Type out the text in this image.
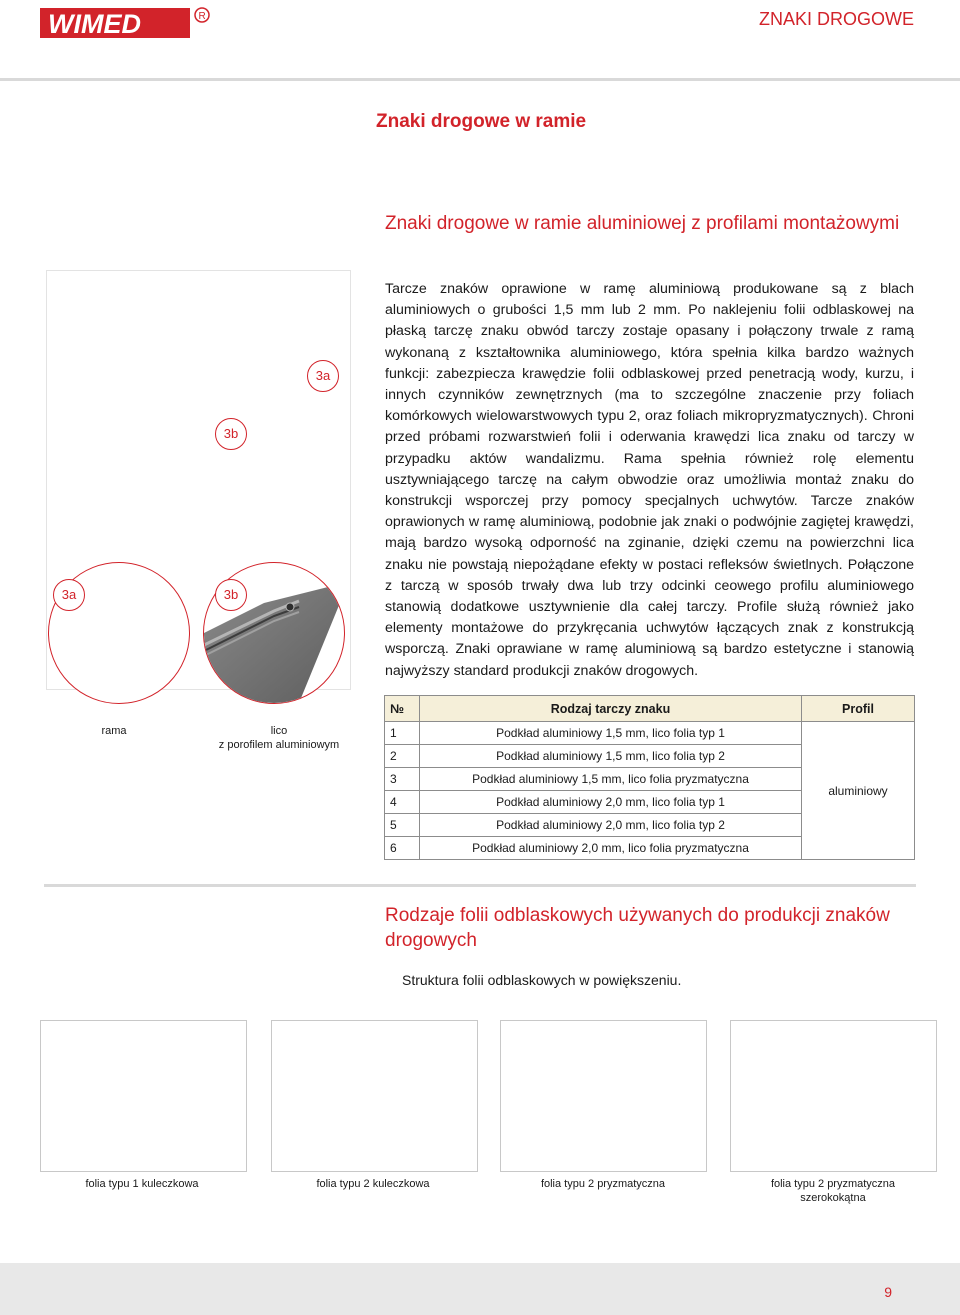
WIMED	R	ZNAKI DROGOWE
Znaki drogowe w ramie
Znaki drogowe w ramie aluminiowej z profilami montażowymi
Tarcze znaków oprawione w ramę aluminiową produkowane są z blach aluminiowych o grubości 1,5 mm lub 2 mm. Po naklejeniu folii odblaskowej na płaską tarczę znaku obwód tarczy zostaje opasany i połączony trwale z ramą wykonaną z kształtownika aluminiowego, która spełnia kilka bardzo ważnych funkcji: zabezpiecza krawędzie folii odblaskowej przed penetracją wody, kurzu, i innych czynników zewnętrznych (ma to szczególne znaczenie przy foliach komórkowych wielowarstwowych typu 2, oraz foliach mikropryzmatycznych). Chroni przed próbami rozwarstwień folii i oderwania krawędzi lica znaku od tarczy w przypadku aktów wandalizmu. Rama spełnia również rolę elementu usztywniającego tarczę na całym obwodzie oraz umożliwia montaż znaku do konstrukcji wsporczej przy pomocy specjalnych uchwytów. Tarcze znaków oprawionych w ramę aluminiową, podobnie jak znaki o podwójnie zagiętej krawędzi, mają bardzo wysoką odporność na zginanie, dzięki czemu na powierzchni lica znaku nie powstają niepożądane efekty w postaci refleksów świetlnych. Połączone z tarczą w sposób trwały dwa lub trzy odcinki ceowego profilu aluminiowego stanowią dodatkowe usztywnienie dla całej tarczy. Profile służą również jako elementy montażowe do przykręcania uchwytów łączących znak z konstrukcją wsporczą. Znaki oprawiane w ramę aluminiową są bardzo estetyczne i stanowią najwyższy standard produkcji znaków drogowych.
3a
3b
3a	3b
rama	lico
z porofilem aluminiowym
№	Rodzaj tarczy znaku	Profil
1	Podkład aluminiowy 1,5 mm, lico folia typ 1	aluminiowy
2	Podkład aluminiowy 1,5 mm, lico folia typ 2	
3	Podkład aluminiowy 1,5 mm, lico folia pryzmatyczna	
4	Podkład aluminiowy 2,0 mm, lico folia typ 1	
5	Podkład aluminiowy 2,0 mm, lico folia typ 2	
6	Podkład aluminiowy 2,0 mm, lico folia pryzmatyczna	
Rodzaje folii odblaskowych używanych do produkcji znaków drogowych
Struktura folii odblaskowych w powiększeniu.
folia typu 1 kuleczkowa	folia typu 2 kuleczkowa	folia typu 2 pryzmatyczna	folia typu 2 pryzmatyczna
szerokokątna
9
